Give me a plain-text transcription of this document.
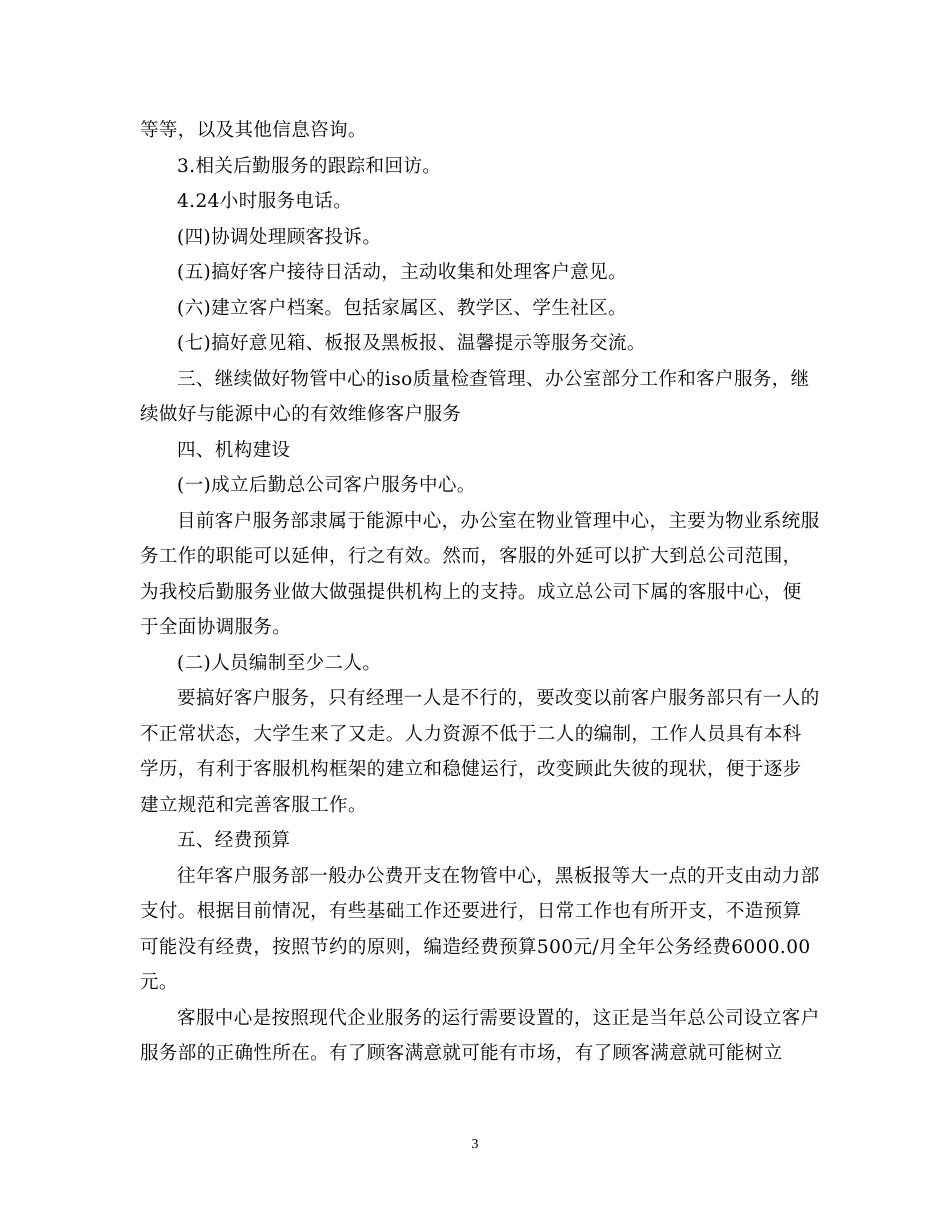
等等，以及其他信息咨询。

3.相关后勤服务的跟踪和回访。

4.24小时服务电话。

(四)协调处理顾客投诉。

(五)搞好客户接待日活动，主动收集和处理客户意见。

(六)建立客户档案。包括家属区、教学区、学生社区。

(七)搞好意见箱、板报及黑板报、温馨提示等服务交流。

三、继续做好物管中心的iso质量检查管理、办公室部分工作和客户服务，继续做好与能源中心的有效维修客户服务

四、机构建设

(一)成立后勤总公司客户服务中心。

目前客户服务部隶属于能源中心，办公室在物业管理中心，主要为物业系统服务工作的职能可以延伸，行之有效。然而，客服的外延可以扩大到总公司范围，为我校后勤服务业做大做强提供机构上的支持。成立总公司下属的客服中心，便于全面协调服务。

(二)人员编制至少二人。

要搞好客户服务，只有经理一人是不行的，要改变以前客户服务部只有一人的不正常状态，大学生来了又走。人力资源不低于二人的编制，工作人员具有本科学历，有利于客服机构框架的建立和稳健运行，改变顾此失彼的现状，便于逐步建立规范和完善客服工作。

五、经费预算

往年客户服务部一般办公费开支在物管中心，黑板报等大一点的开支由动力部支付。根据目前情况，有些基础工作还要进行，日常工作也有所开支，不造预算可能没有经费，按照节约的原则，编造经费预算500元/月全年公务经费6000.00元。

客服中心是按照现代企业服务的运行需要设置的，这正是当年总公司设立客户服务部的正确性所在。有了顾客满意就可能有市场，有了顾客满意就可能树立

3
